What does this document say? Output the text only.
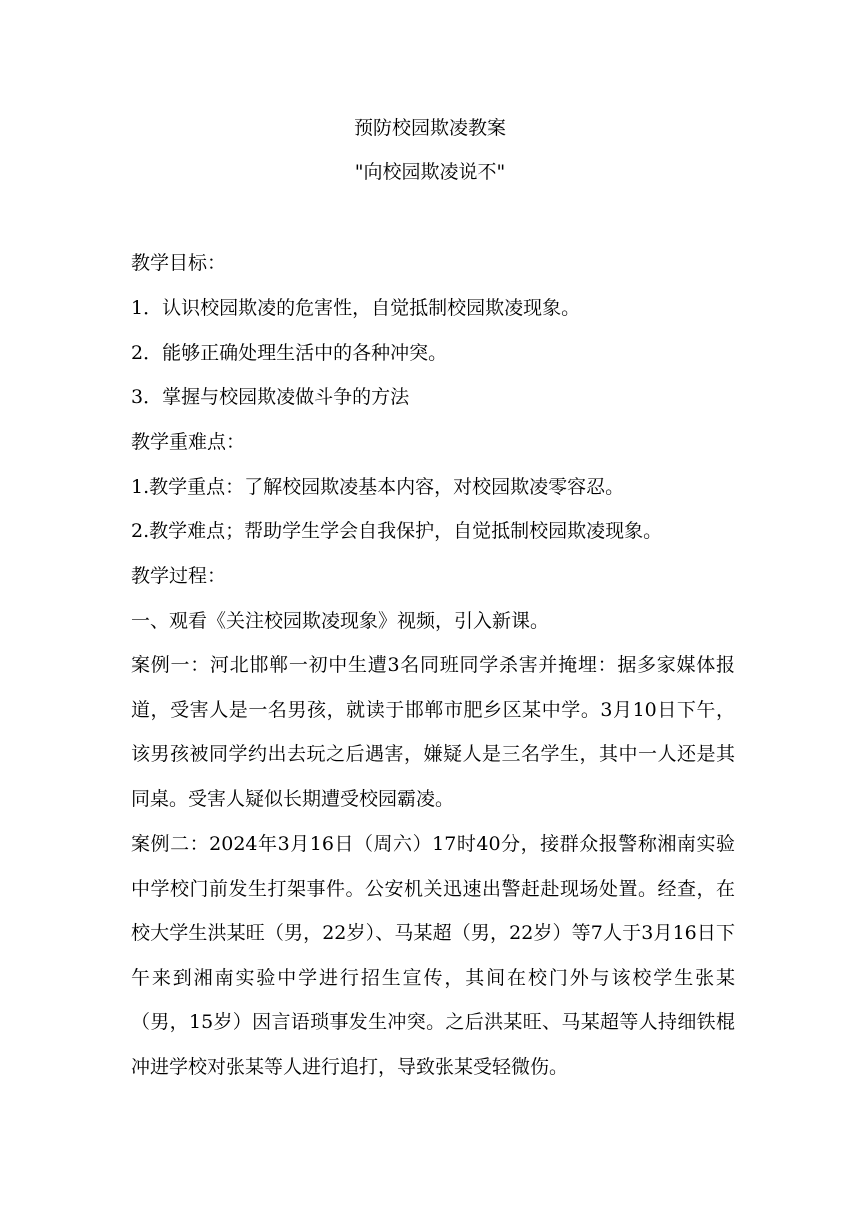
预防校园欺凌教案
"向校园欺凌说不"
教学目标：
1．认识校园欺凌的危害性，自觉抵制校园欺凌现象。
2．能够正确处理生活中的各种冲突。
3．掌握与校园欺凌做斗争的方法
教学重难点：
1.教学重点：了解校园欺凌基本内容，对校园欺凌零容忍。
2.教学难点；帮助学生学会自我保护，自觉抵制校园欺凌现象。
教学过程：
一、观看《关注校园欺凌现象》视频，引入新课。

案例一：河北邯郸一初中生遭3名同班同学杀害并掩埋：据多家媒体报道，受害人是一名男孩，就读于邯郸市肥乡区某中学。3月10日下午，该男孩被同学约出去玩之后遇害，嫌疑人是三名学生，其中一人还是其同桌。受害人疑似长期遭受校园霸凌。

案例二：2024年3月16日（周六）17时40分，接群众报警称湘南实验中学校门前发生打架事件。公安机关迅速出警赶赴现场处置。经查，在校大学生洪某旺（男，22岁）、马某超（男，22岁）等7人于3月16日下午来到湘南实验中学进行招生宣传，其间在校门外与该校学生张某（男，15岁）因言语琐事发生冲突。之后洪某旺、马某超等人持细铁棍冲进学校对张某等人进行追打，导致张某受轻微伤。
